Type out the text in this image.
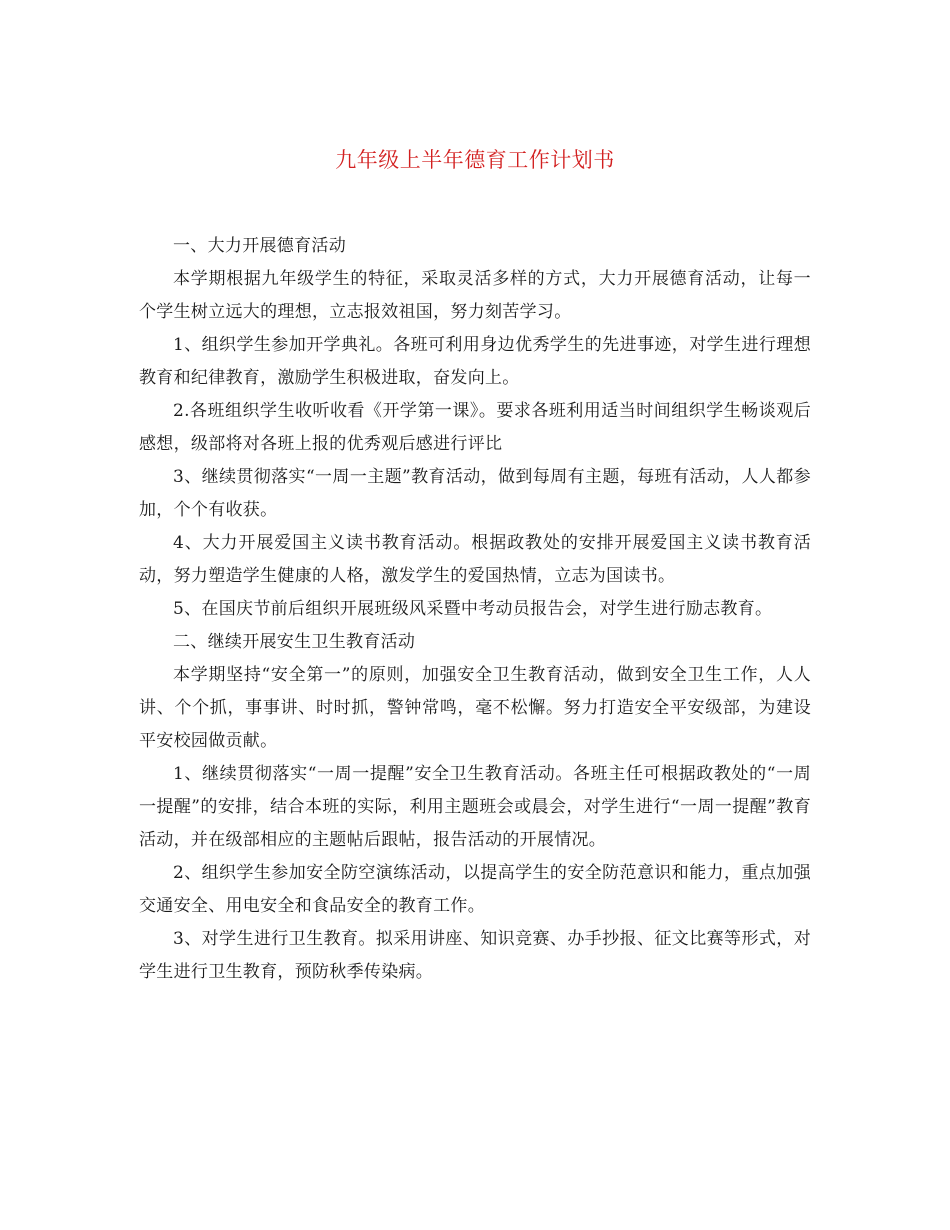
九年级上半年德育工作计划书

一、大力开展德育活动

本学期根据九年级学生的特征，采取灵活多样的方式，大力开展德育活动，让每一个学生树立远大的理想，立志报效祖国，努力刻苦学习。

1、组织学生参加开学典礼。各班可利用身边优秀学生的先进事迹，对学生进行理想教育和纪律教育，激励学生积极进取，奋发向上。

2.各班组织学生收听收看《开学第一课》。要求各班利用适当时间组织学生畅谈观后感想，级部将对各班上报的优秀观后感进行评比

3、继续贯彻落实“一周一主题”教育活动，做到每周有主题，每班有活动，人人都参加，个个有收获。

4、大力开展爱国主义读书教育活动。根据政教处的安排开展爱国主义读书教育活动，努力塑造学生健康的人格，激发学生的爱国热情，立志为国读书。

5、在国庆节前后组织开展班级风采暨中考动员报告会，对学生进行励志教育。

二、继续开展安生卫生教育活动

本学期坚持“安全第一”的原则，加强安全卫生教育活动，做到安全卫生工作，人人讲、个个抓，事事讲、时时抓，警钟常鸣，毫不松懈。努力打造安全平安级部，为建设平安校园做贡献。

1、继续贯彻落实“一周一提醒”安全卫生教育活动。各班主任可根据政教处的“一周一提醒”的安排，结合本班的实际，利用主题班会或晨会，对学生进行“一周一提醒”教育活动，并在级部相应的主题帖后跟帖，报告活动的开展情况。

2、组织学生参加安全防空演练活动，以提高学生的安全防范意识和能力，重点加强交通安全、用电安全和食品安全的教育工作。

3、对学生进行卫生教育。拟采用讲座、知识竞赛、办手抄报、征文比赛等形式，对学生进行卫生教育，预防秋季传染病。
